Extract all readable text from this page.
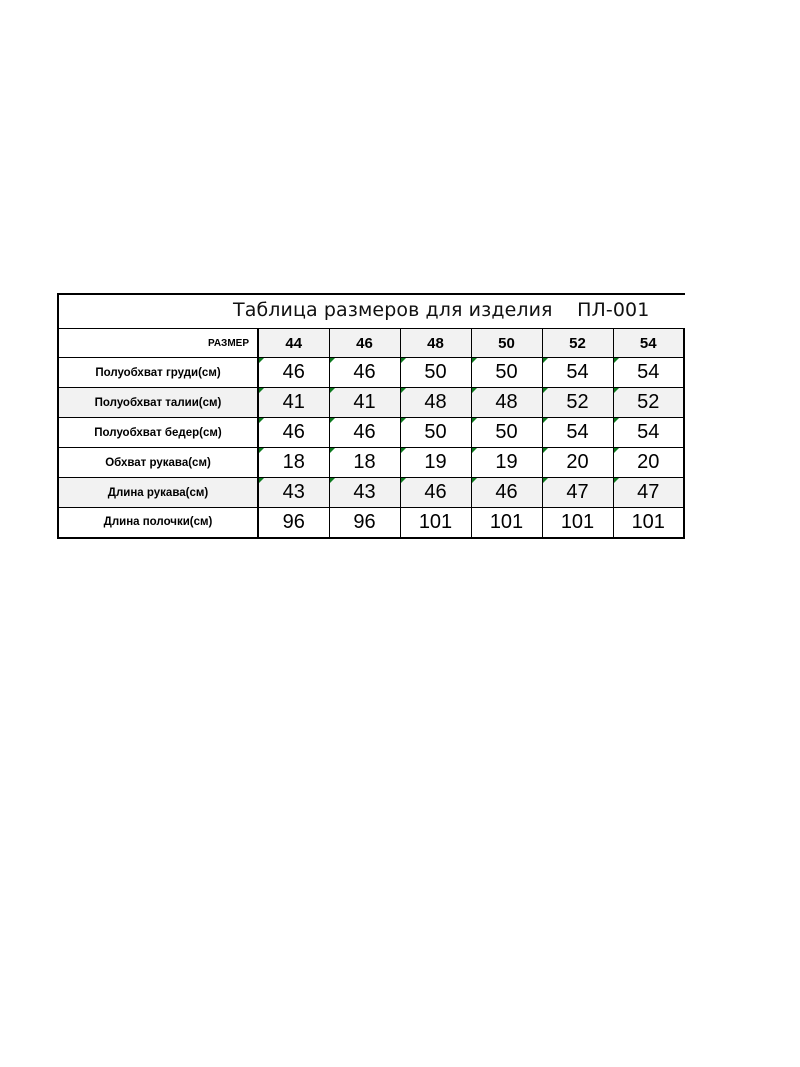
Таблица размеров для изделия    ПЛ-001
РАЗМЕР	44	46	48	50	52	54
Полуобхват груди(см)	46	46	50	50	54	54
Полуобхват талии(см)	41	41	48	48	52	52
Полуобхват бедер(см)	46	46	50	50	54	54
Обхват рукава(см)	18	18	19	19	20	20
Длина рукава(см)	43	43	46	46	47	47
Длина полочки(см)	96	96	101	101	101	101
